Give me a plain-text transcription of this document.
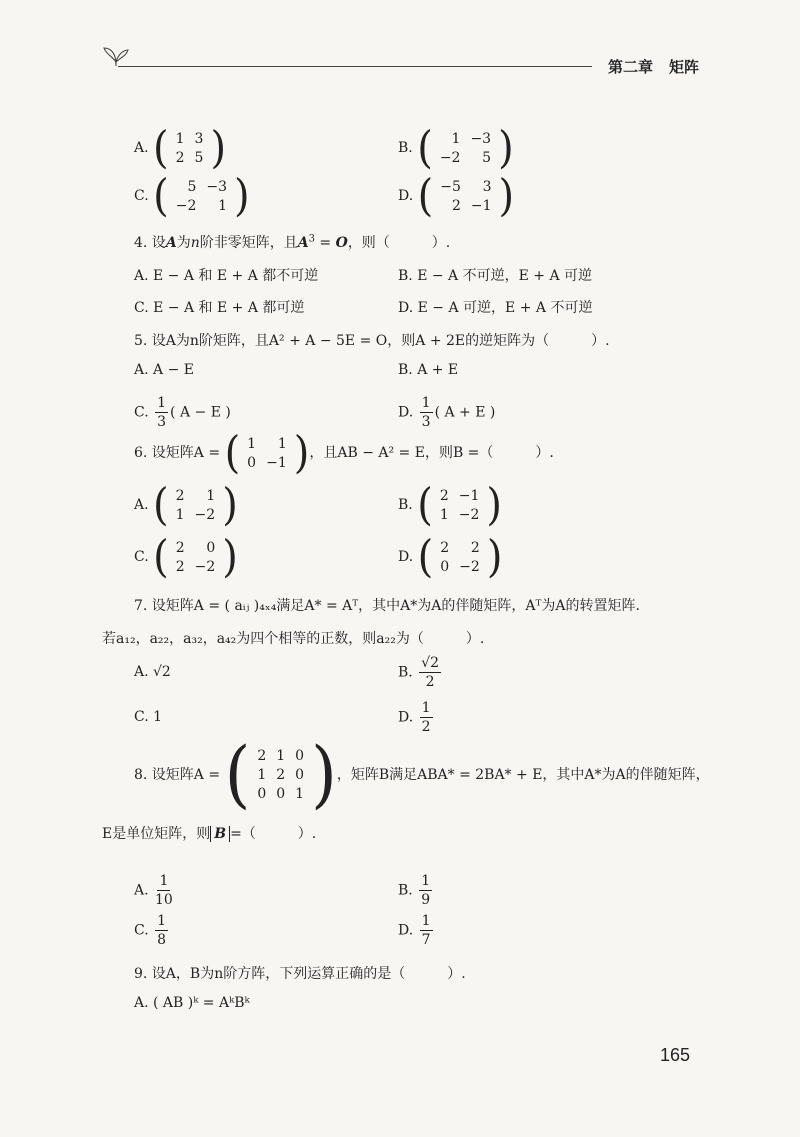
第二章 矩阵
A. ( 1	3
2	5 )	B. ( 1	−3
−2	5 )
C. ( 5	−3
−2	1 )	D. ( −5	3
2	−1 )
4. 设A为n阶非零矩阵，且$A^3 = O$，则（　　　）.
A. E − A 和 E + A 都不可逆	B. E − A 不可逆，E + A 可逆
C. E − A 和 E + A 都可逆	D. E − A 可逆，E + A 不可逆
5. 设A为n阶矩阵，且A² + A − 5E = O，则A + 2E的逆矩阵为（　　　）.
A. A − E	B. A + E
C. $\frac{1}{3}$ ( A − E )	D. $\frac{1}{3}$ ( A + E )
6. 设矩阵A = ( 1	1
0	−1 ) ，且AB − A² = E，则B =（　　　）.
A. ( 2	1
1	−2 )	B. ( 2	−1
1	−2 )
C. ( 2	0
2	−2 )	D. ( 2	2
0	−2 )
7. 设矩阵A = ( aᵢⱼ )₄ₓ₄满足A* = Aᵀ，其中A*为A的伴随矩阵，Aᵀ为A的转置矩阵.
若a₁₂，a₂₂，a₃₂，a₄₂为四个相等的正数，则a₂₂为（　　　）.
A. √2	B. $\frac{√2}{2}$
C. 1	D. $\frac{1}{2}$
8. 设矩阵A = ( 2	1	0
1	2	0
0	0	1 ) ，矩阵B满足ABA* = 2BA* + E，其中A*为A的伴随矩阵，
E是单位矩阵，则 B =（　　　）.
A. $\frac{1}{10}$	B. $\frac{1}{9}$
C. $\frac{1}{8}$	D. $\frac{1}{7}$
9. 设A，B为n阶方阵，下列运算正确的是（　　　）.
A. ( AB )ᵏ = AᵏBᵏ
165
